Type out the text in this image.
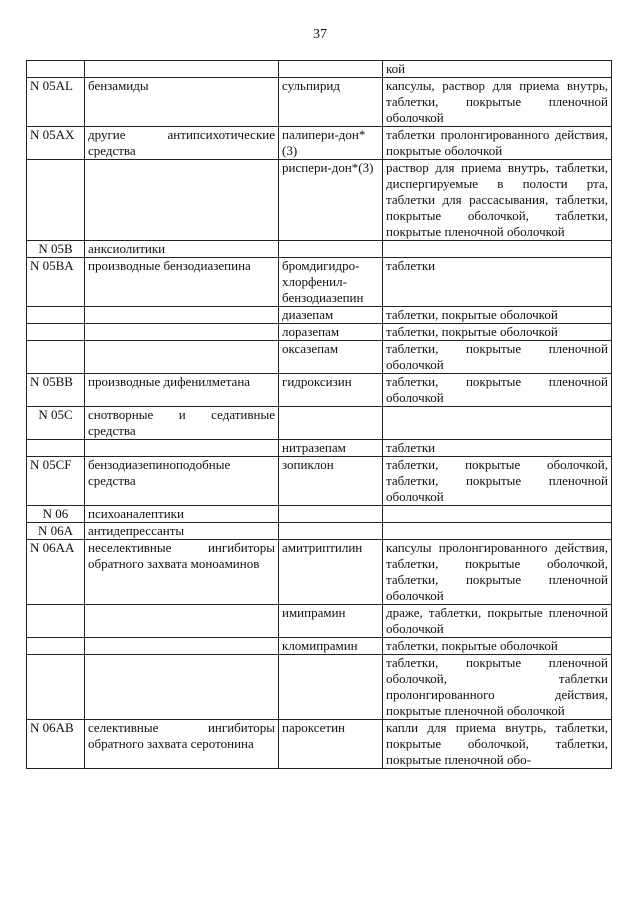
37
			кой
N 05AL	бензамиды	сульпирид	капсулы, раствор для приема внутрь, таблетки, покрытые пленочной оболочкой
N 05AX	другие антипсихотические средства	палипери-дон*(3)	таблетки пролонгированного действия, покрытые оболочкой
		риспери-дон*(3)	раствор для приема внутрь, таблетки, диспергируемые в полости рта, таблетки для рассасывания, таблетки, покрытые оболочкой, таблетки, покрытые пленочной оболочкой
N 05B	анксиолитики		
N 05BA	производные бензодиазепина	бромдигидро-хлорфенил-бензодиазепин	таблетки
		диазепам	таблетки, покрытые оболочкой
		лоразепам	таблетки, покрытые оболочкой
		оксазепам	таблетки, покрытые пленочной оболочкой
N 05BB	производные дифенилметана	гидроксизин	таблетки, покрытые пленочной оболочкой
N 05C	снотворные и седативные средства		
		нитразепам	таблетки
N 05CF	бензодиазепиноподобные средства	зопиклон	таблетки, покрытые оболочкой, таблетки, покрытые пленочной оболочкой
N 06	психоаналептики		
N 06A	антидепрессанты		
N 06AA	неселективные ингибиторы обратного захвата моноаминов	амитриптилин	капсулы пролонгированного действия, таблетки, покрытые оболочкой, таблетки, покрытые пленочной оболочкой
		имипрамин	драже, таблетки, покрытые пленочной оболочкой
		кломипрамин	таблетки, покрытые оболочкой
			таблетки, покрытые пленочной оболочкой, таблетки пролонгированного действия, покрытые пленочной оболочкой
N 06AB	селективные ингибиторы обратного захвата серотонина	пароксетин	капли для приема внутрь, таблетки, покрытые оболочкой, таблетки, покрытые пленочной обо-
